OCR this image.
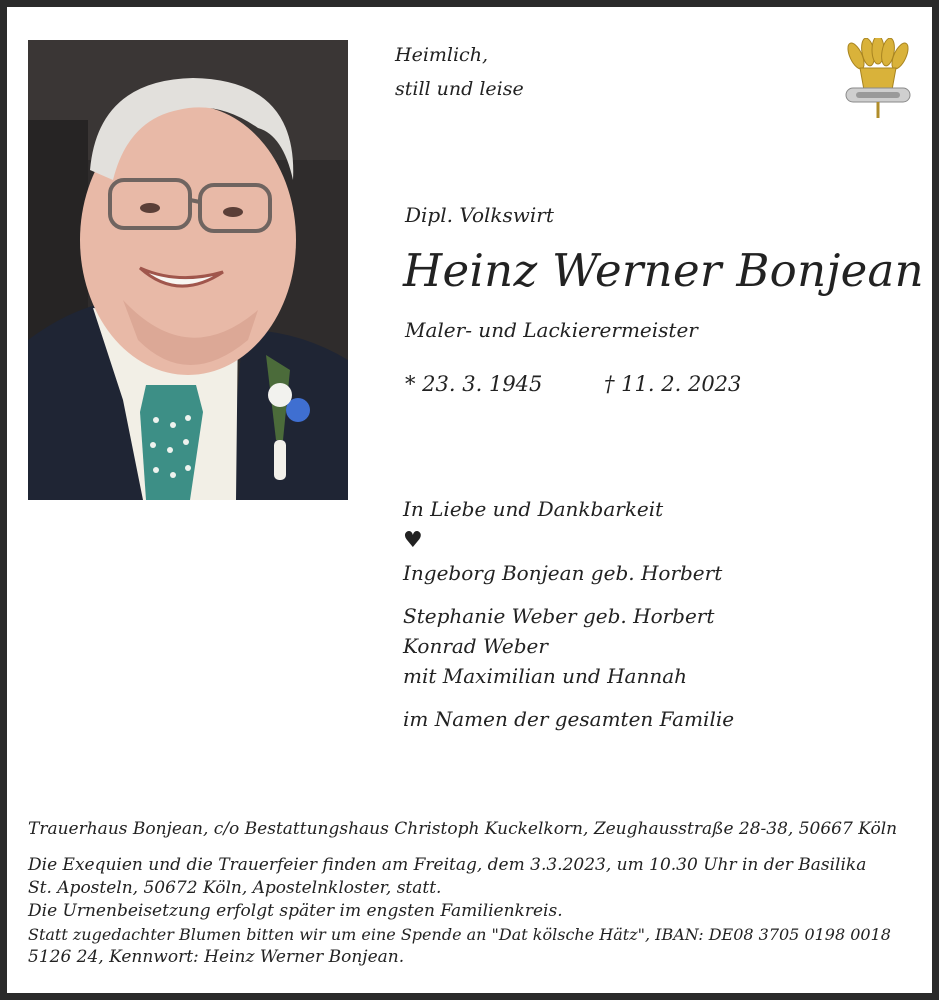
Heimlich,
still und leise
Dipl. Volkswirt
Heinz Werner Bonjean
Maler- und Lackierermeister
* 23. 3. 1945	† 11. 2. 2023
In Liebe und Dankbarkeit
♥
Ingeborg Bonjean geb. Horbert
Stephanie Weber geb. Horbert
Konrad Weber
mit Maximilian und Hannah
im Namen der gesamten Familie
Trauerhaus Bonjean, c/o Bestattungshaus Christoph Kuckelkorn, Zeughausstraße 28-38, 50667 Köln
Die Exequien und die Trauerfeier finden am Freitag, dem 3.3.2023, um 10.30 Uhr in der Basilika
St. Aposteln, 50672 Köln, Apostelnkloster, statt.
Die Urnenbeisetzung erfolgt später im engsten Familienkreis.
Statt zugedachter Blumen bitten wir um eine Spende an "Dat kölsche Hätz", IBAN: DE08 3705 0198 0018
5126 24, Kennwort: Heinz Werner Bonjean.
